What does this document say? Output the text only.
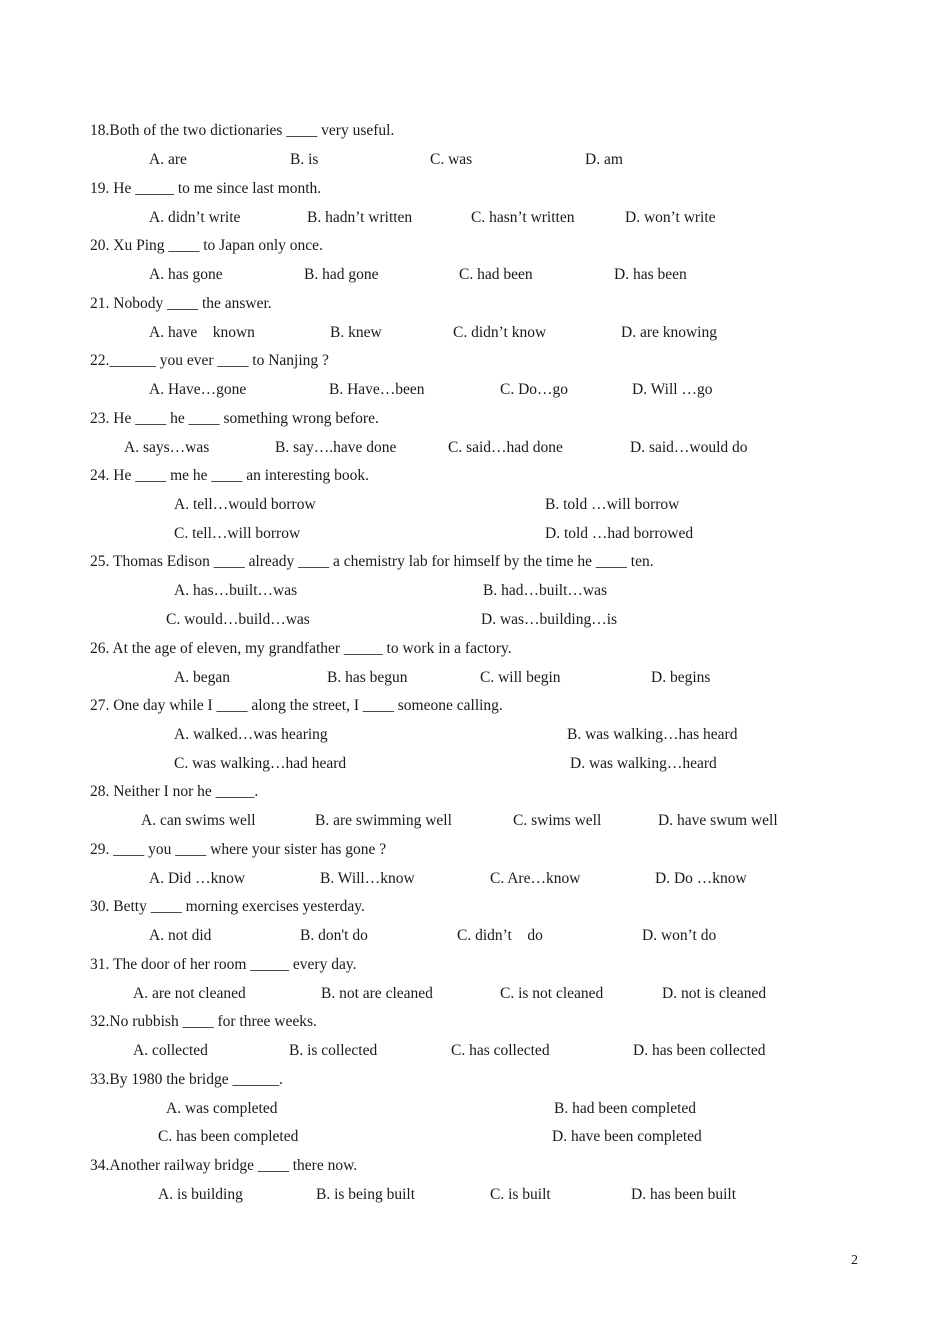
18.Both of the two dictionaries ____ very useful.
A. are	B. is	C. was	D. am
19. He _____ to me since last month.
A. didn’t write	B. hadn’t written	C. hasn’t written	D. won’t write
20. Xu Ping ____ to Japan only once.
A. has gone	B. had gone	C. had been	D. has been
21. Nobody ____ the answer.
A. have    known	B. knew	C. didn’t know	D. are knowing
22.______ you ever ____ to Nanjing ?
A. Have…gone	B. Have…been	C. Do…go	D. Will …go
23. He ____ he ____ something wrong before.
A. says…was	B. say….have done	C. said…had done	D. said…would do
24. He ____ me he ____ an interesting book.
A. tell…would borrow	B. told …will borrow
C. tell…will borrow	D. told …had borrowed
25. Thomas Edison ____ already ____ a chemistry lab for himself by the time he ____ ten.
A. has…built…was	B. had…built…was
C. would…build…was	D. was…building…is
26. At the age of eleven, my grandfather _____ to work in a factory.
A. began	B. has begun	C. will begin	D. begins
27. One day while I ____ along the street, I ____ someone calling.
A. walked…was hearing	B. was walking…has heard
C. was walking…had heard	D. was walking…heard
28. Neither I nor he _____.
A. can swims well	B. are swimming well	C. swims well	D. have swum well
29. ____ you ____ where your sister has gone ?
A. Did …know	B. Will…know	C. Are…know	D. Do …know
30. Betty ____ morning exercises yesterday.
A. not did	B. don't do	C. didn’t    do	D. won’t do
31. The door of her room _____ every day.
A. are not cleaned	B. not are cleaned	C. is not cleaned	D. not is cleaned
32.No rubbish ____ for three weeks.
A. collected	B. is collected	C. has collected	D. has been collected
33.By 1980 the bridge ______.
A. was completed	B. had been completed
C. has been completed	D. have been completed
34.Another railway bridge ____ there now.
A. is building	B. is being built	C. is built	D. has been built
2
